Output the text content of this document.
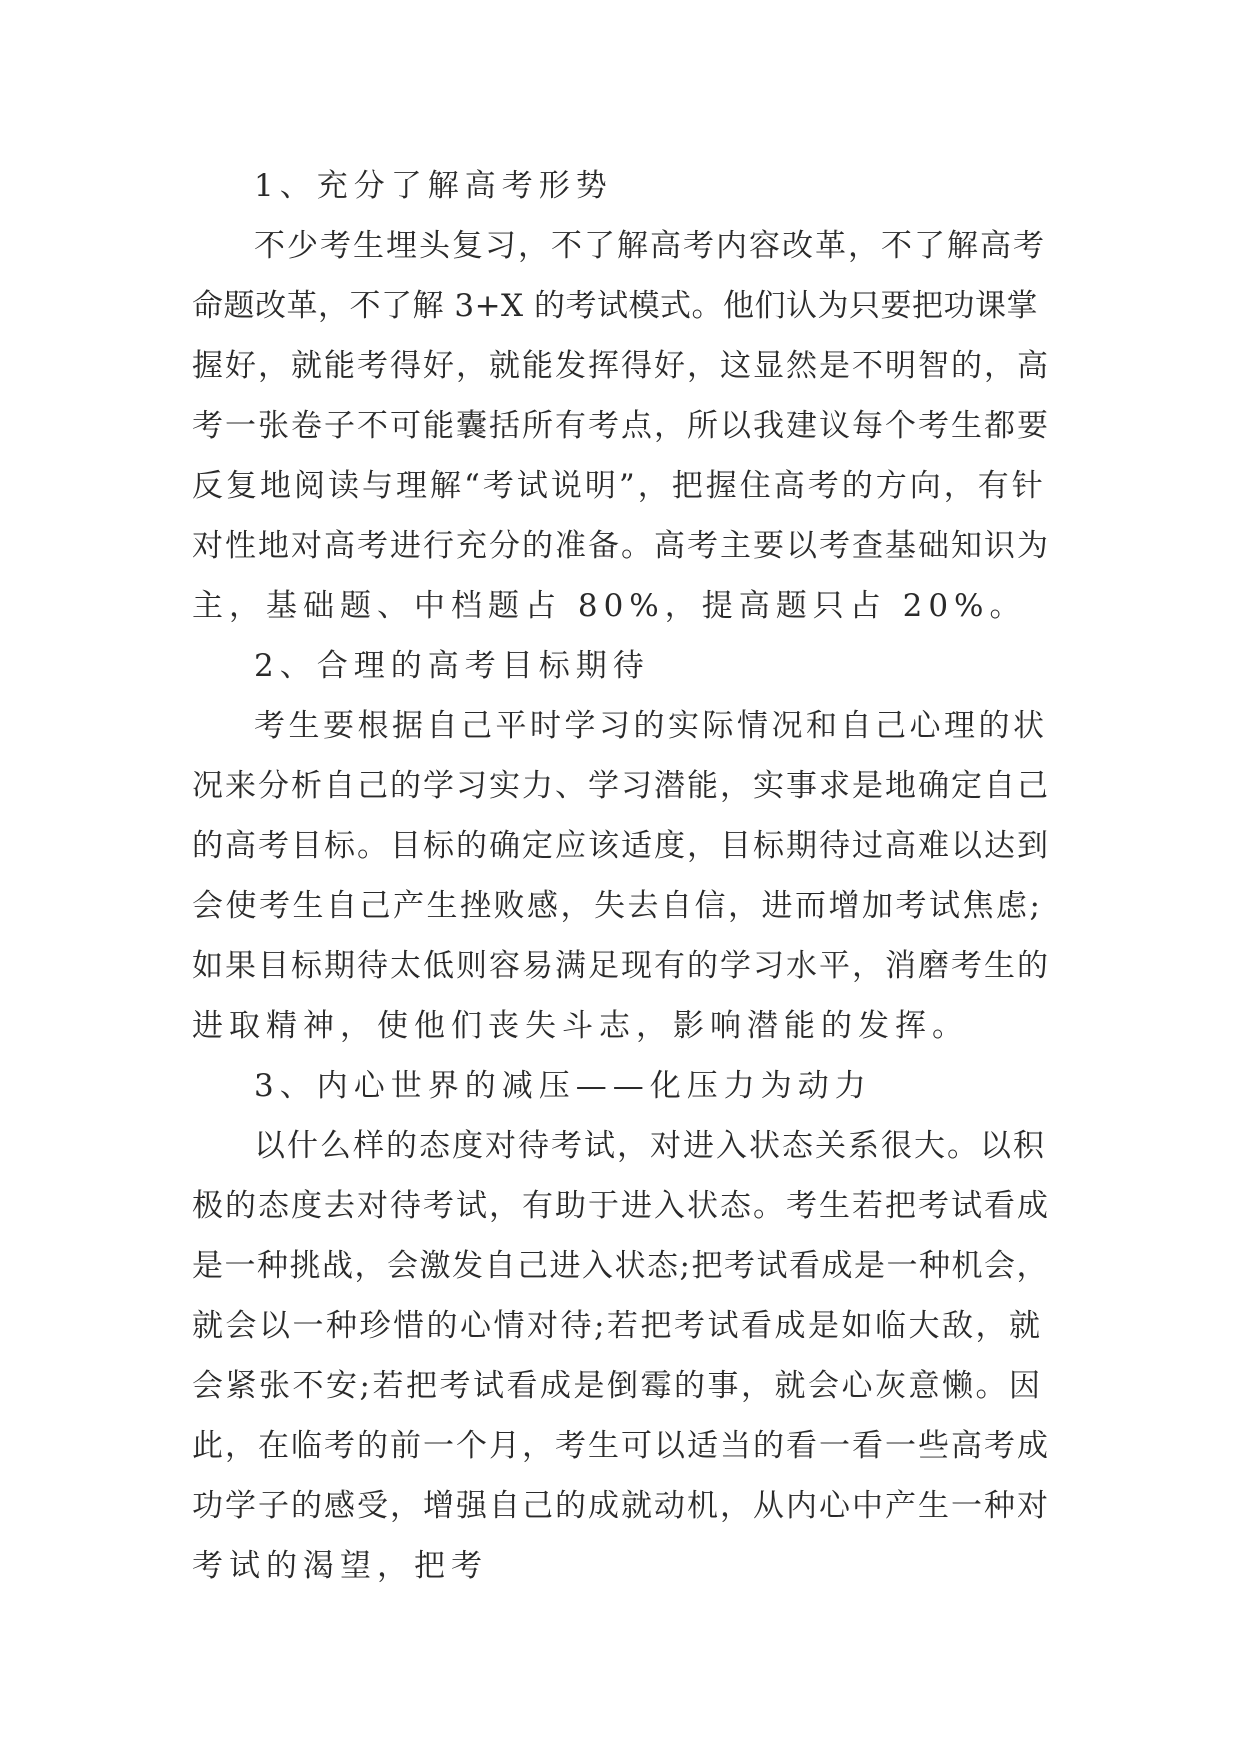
1、充分了解高考形势
不少考生埋头复习，不了解高考内容改革，不了解高考
命题改革，不了解 3+X 的考试模式。他们认为只要把功课掌
握好，就能考得好，就能发挥得好，这显然是不明智的，高
考一张卷子不可能囊括所有考点，所以我建议每个考生都要
反复地阅读与理解“考试说明”，把握住高考的方向，有针
对性地对高考进行充分的准备。高考主要以考查基础知识为
主，基础题、中档题占 80%，提高题只占 20%。
2、合理的高考目标期待
考生要根据自己平时学习的实际情况和自己心理的状
况来分析自己的学习实力、学习潜能，实事求是地确定自己
的高考目标。目标的确定应该适度，目标期待过高难以达到
会使考生自己产生挫败感，失去自信，进而增加考试焦虑;
如果目标期待太低则容易满足现有的学习水平，消磨考生的
进取精神，使他们丧失斗志，影响潜能的发挥。
3、内心世界的减压——化压力为动力
以什么样的态度对待考试，对进入状态关系很大。以积
极的态度去对待考试，有助于进入状态。考生若把考试看成
是一种挑战，会激发自己进入状态;把考试看成是一种机会，
就会以一种珍惜的心情对待;若把考试看成是如临大敌，就
会紧张不安;若把考试看成是倒霉的事，就会心灰意懒。因
此，在临考的前一个月，考生可以适当的看一看一些高考成
功学子的感受，增强自己的成就动机，从内心中产生一种对
考试的渴望，把考
